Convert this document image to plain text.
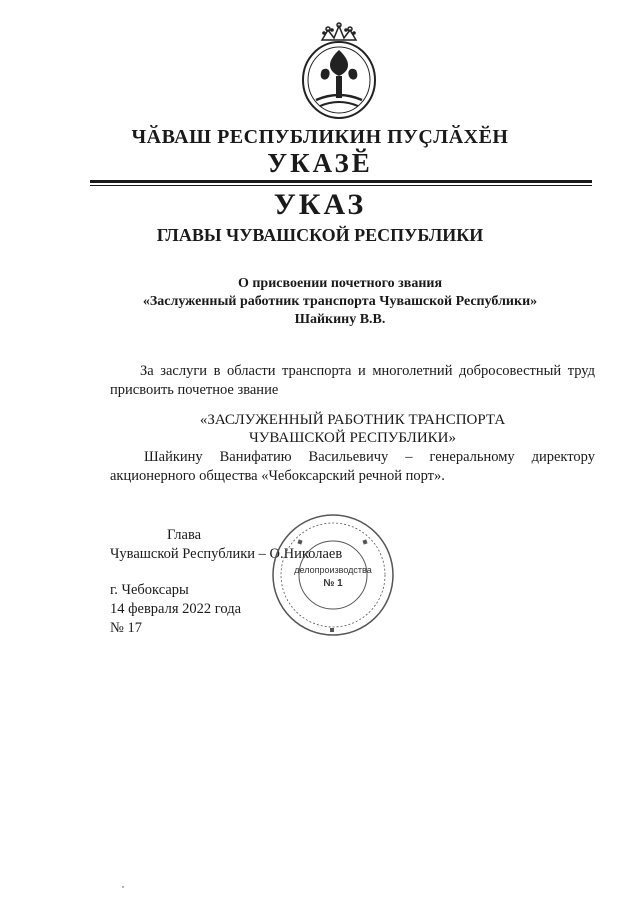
ЧӐВАШ РЕСПУБЛИКИН ПУҪЛӐХӖН
УКАЗӖ
УКАЗ
ГЛАВЫ ЧУВАШСКОЙ РЕСПУБЛИКИ
О присвоении почетного звания
«Заслуженный работник транспорта Чувашской Республики»
Шайкину В.В.
За заслуги в области транспорта и многолетний добросовестный труд присвоить почетное звание
«ЗАСЛУЖЕННЫЙ РАБОТНИК ТРАНСПОРТА
ЧУВАШСКОЙ РЕСПУБЛИКИ»
Шайкину Ванифатию Васильевичу – генеральному директору акционерного общества «Чебоксарский речной порт».
Глава
Чувашской Республики – О.Николаев
делопроизводства
№ 1
г. Чебоксары
14 февраля 2022 года
№ 17
